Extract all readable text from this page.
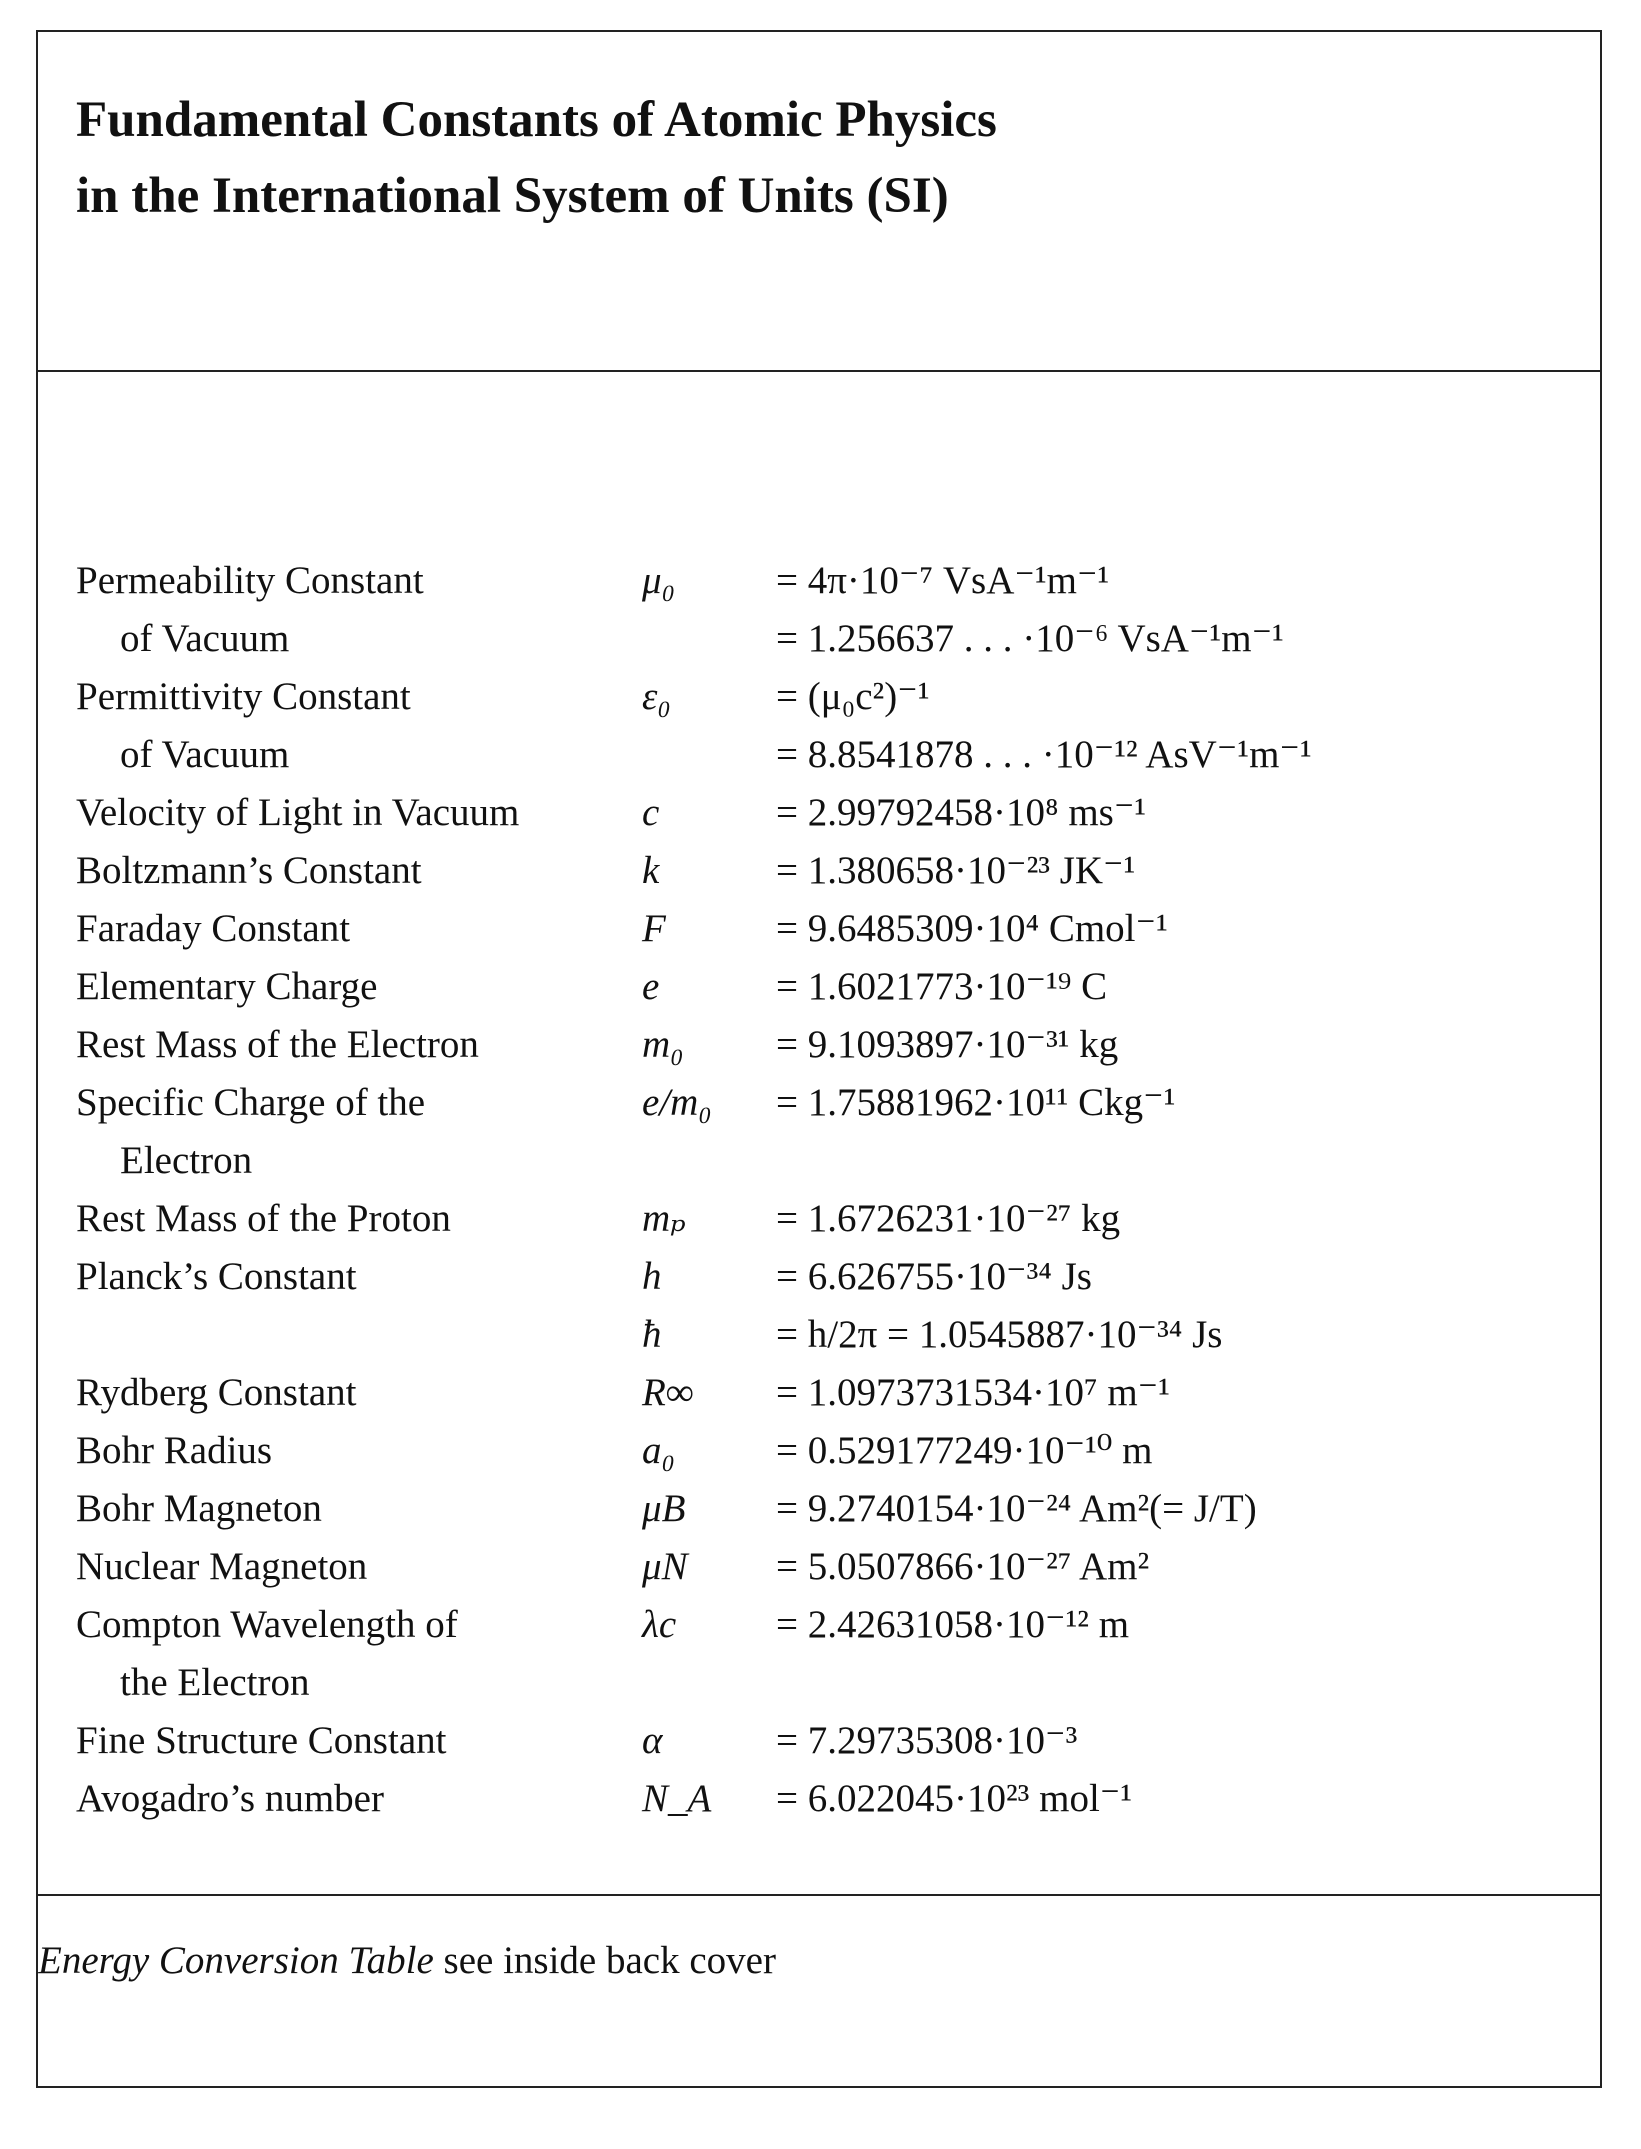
Fundamental Constants of Atomic Physics
in the International System of Units (SI)
Permeability Constant	μ₀	= 4π·10⁻⁷ VsA⁻¹m⁻¹
of Vacuum	= 1.256637 . . . ·10⁻⁶ VsA⁻¹m⁻¹
Permittivity Constant	ε₀	= (μ₀c²)⁻¹
of Vacuum	= 8.8541878 . . . ·10⁻¹² AsV⁻¹m⁻¹
Velocity of Light in Vacuum	c	= 2.99792458·10⁸ ms⁻¹
Boltzmann’s Constant	k	= 1.380658·10⁻²³ JK⁻¹
Faraday Constant	F	= 9.6485309·10⁴ Cmol⁻¹
Elementary Charge	e	= 1.6021773·10⁻¹⁹ C
Rest Mass of the Electron	m₀ = 9.1093897·10⁻³¹ kg
Specific Charge of the	e/m₀ = 1.75881962·10¹¹ Ckg⁻¹
Electron
Rest Mass of the Proton	mₚ = 1.6726231·10⁻²⁷ kg
Planck’s Constant	h	= 6.626755·10⁻³⁴ Js
ħ	= h/2π = 1.0545887·10⁻³⁴ Js
Rydberg Constant	R∞ = 1.0973731534·10⁷ m⁻¹
Bohr Radius	a₀	= 0.529177249·10⁻¹⁰ m
Bohr Magneton	μB = 9.2740154·10⁻²⁴ Am²(= J/T)
Nuclear Magneton	μN = 5.0507866·10⁻²⁷ Am²
Compton Wavelength of	λc	= 2.42631058·10⁻¹² m
the Electron
Fine Structure Constant	α	= 7.29735308·10⁻³
Avogadro’s number	N_A = 6.022045·10²³ mol⁻¹
Energy Conversion Table see inside back cover
